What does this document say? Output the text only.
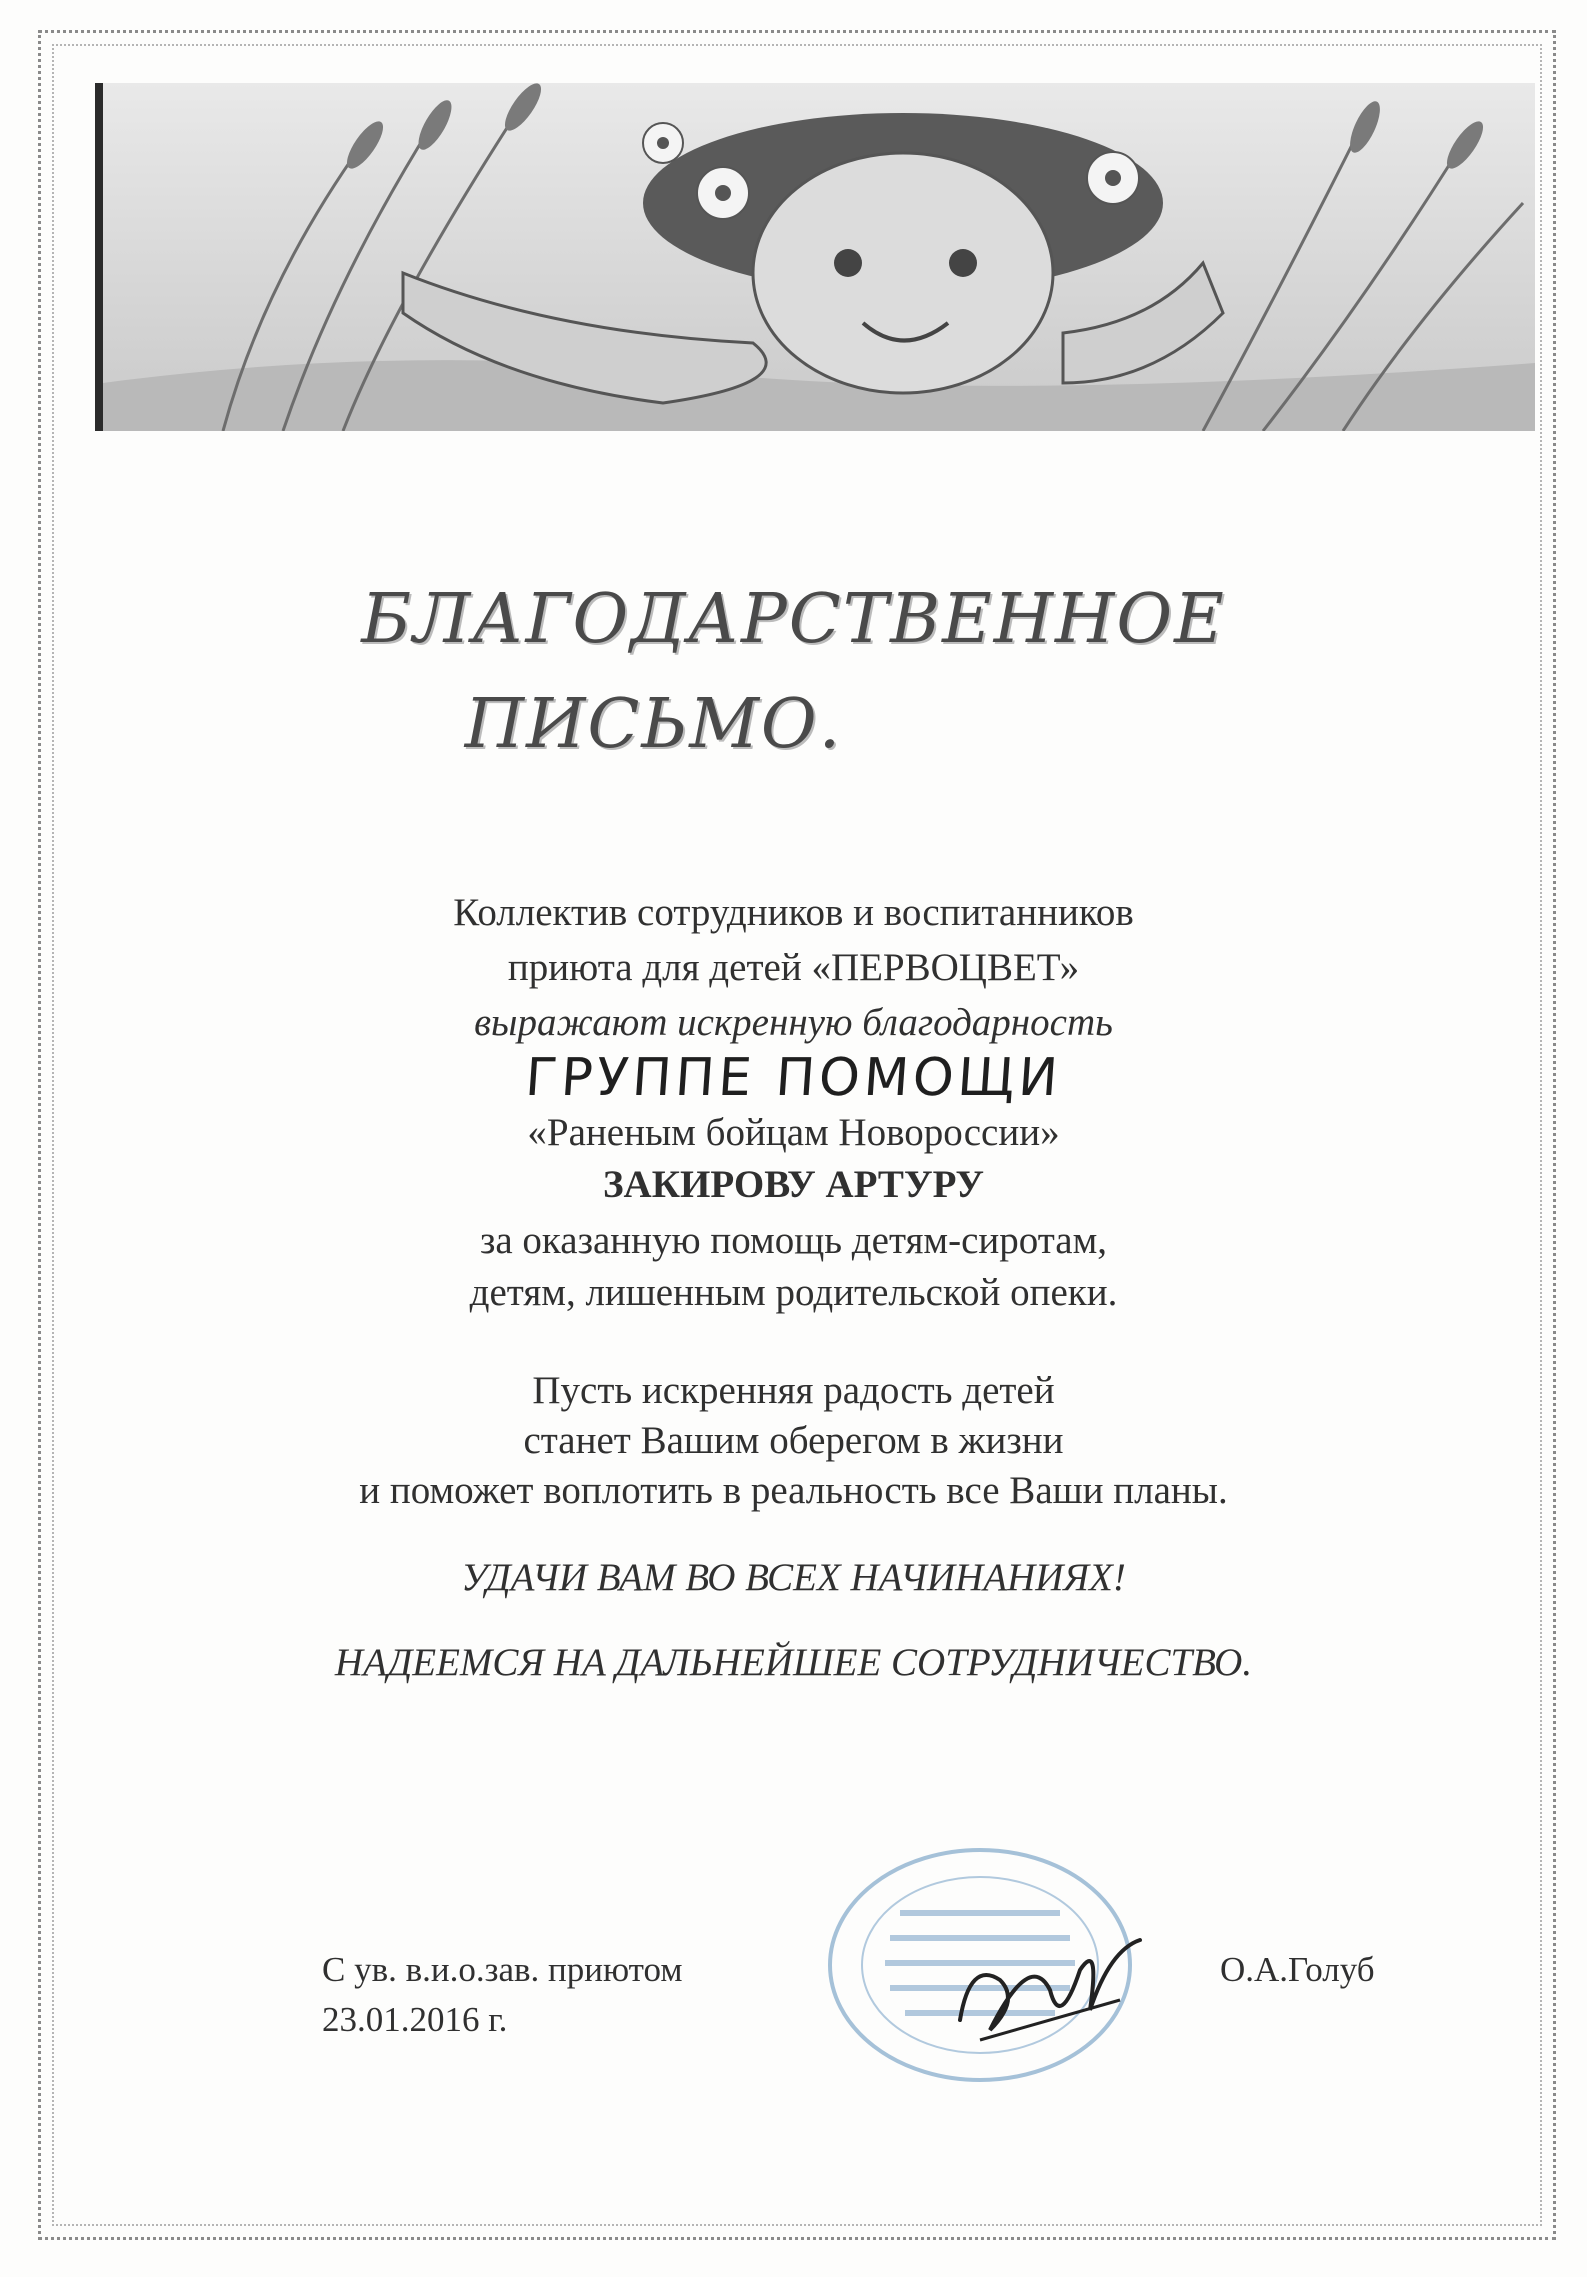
БЛАГОДАРСТВЕННОЕ
ПИСЬМО.
Коллектив сотрудников и воспитанников
приюта для детей «ПЕРВОЦВЕТ»
выражают искренную благодарность
ГРУППЕ ПОМОЩИ
«Раненым бойцам Новороссии»
ЗАКИРОВУ АРТУРУ
за оказанную помощь детям-сиротам,
детям, лишенным родительской опеки.
Пусть искренняя радость детей
станет Вашим оберегом в жизни
и поможет воплотить в реальность все Ваши планы.
УДАЧИ ВАМ ВО ВСЕХ НАЧИНАНИЯХ!
НАДЕЕМСЯ НА ДАЛЬНЕЙШЕЕ СОТРУДНИЧЕСТВО.
С ув. в.и.о.зав. приютом
23.01.2016 г.
О.А.Голуб
